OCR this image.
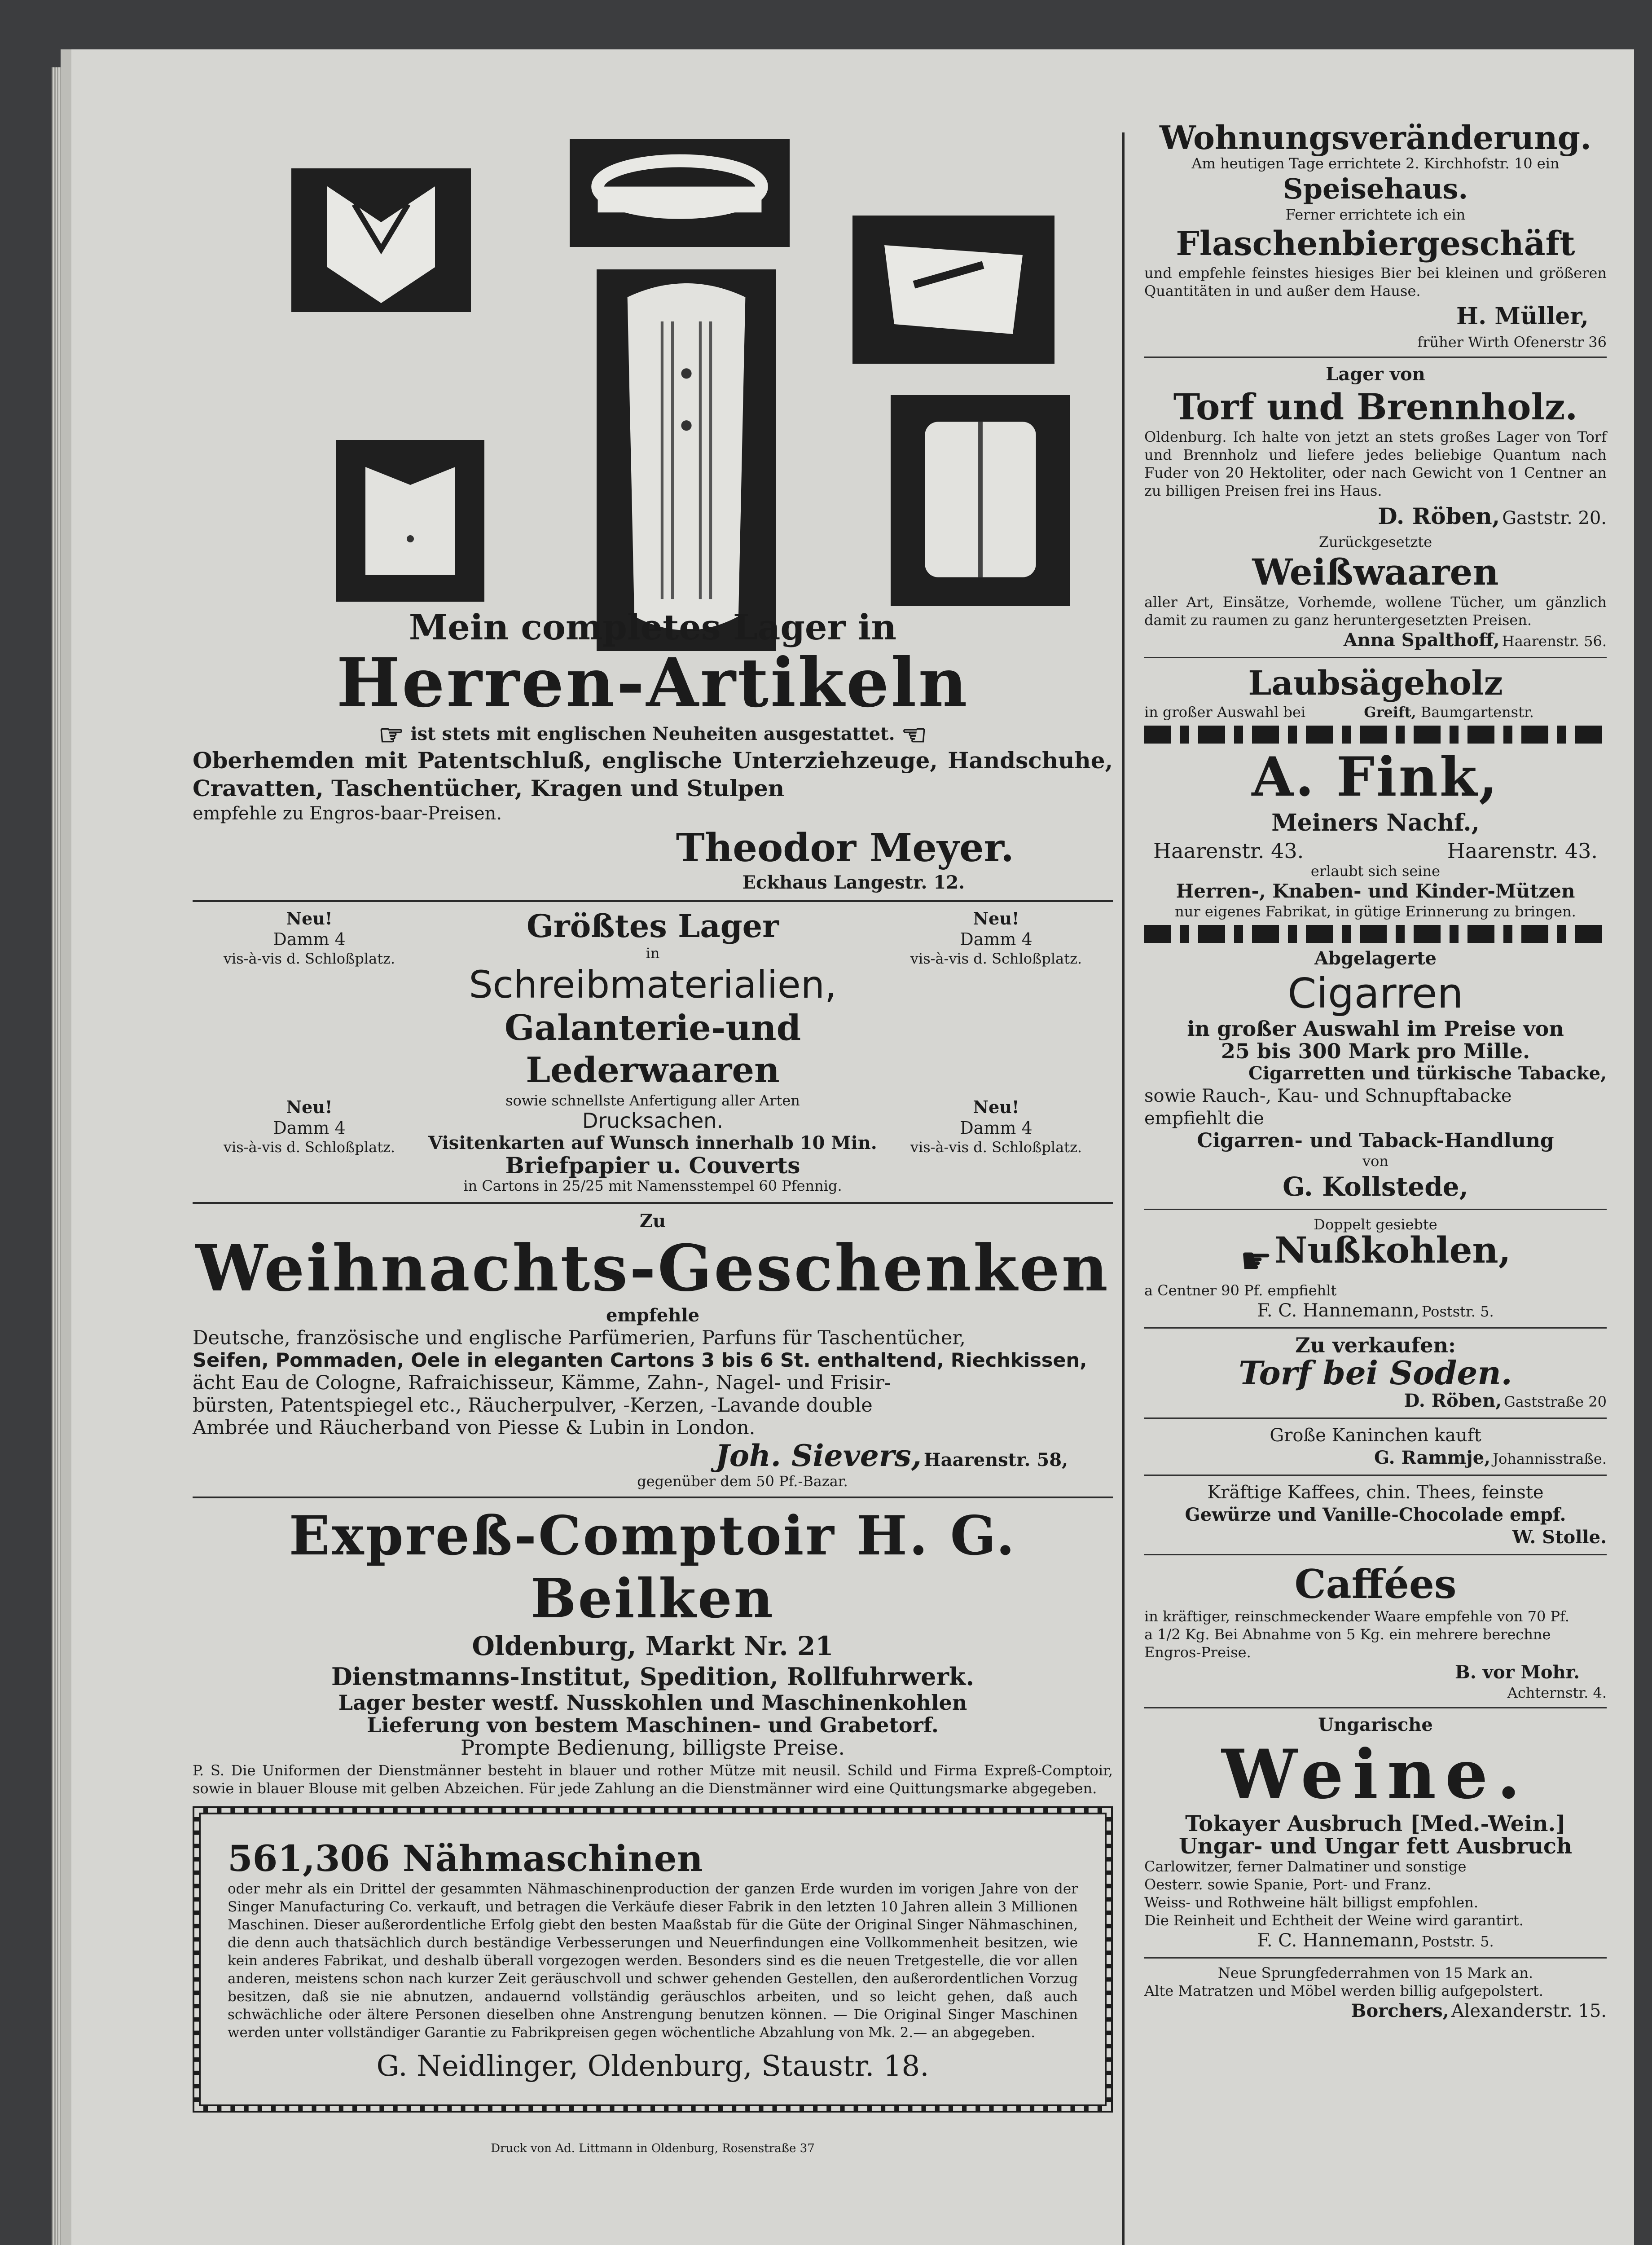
Mein completes Lager in

Herren-Artikeln

☞ ist stets mit englischen Neuheiten ausgestattet. ☜

Oberhemden mit Patentschluß, englische Unterziehzeuge, Handschuhe, Cravatten, Taschentücher, Kragen und Stulpen

empfehle zu Engros-baar-Preisen.

Theodor Meyer.

Eckhaus Langestr. 12.

Neu!

Damm 4

vis-à-vis d. Schloßplatz.

Neu!

Damm 4

vis-à-vis d. Schloßplatz.

Neu!

Damm 4

vis-à-vis d. Schloßplatz.

Neu!

Damm 4

vis-à-vis d. Schloßplatz.

Größtes Lager

in

Schreibmaterialien,

Galanterie-und Lederwaaren

sowie schnellste Anfertigung aller Arten

Drucksachen.

Visitenkarten auf Wunsch innerhalb 10 Min.

Briefpapier u. Couverts

in Cartons in 25/25 mit Namensstempel 60 Pfennig.

Zu

Weihnachts-Geschenken

empfehle

Deutsche, französische und englische Parfümerien, Parfuns für Taschentücher,

Seifen, Pommaden, Oele in eleganten Cartons 3 bis 6 St. enthaltend, Riechkissen,

ächt Eau de Cologne, Rafraichisseur, Kämme, Zahn-, Nagel- und Frisir-

bürsten, Patentspiegel etc., Räucherpulver, -Kerzen, -Lavande double

Ambrée und Räucherband von Piesse & Lubin in London.

Joh. Sievers, Haarenstr. 58,

gegenüber dem 50 Pf.-Bazar.

Expreß-Comptoir H. G. Beilken

Oldenburg, Markt Nr. 21

Dienstmanns-Institut, Spedition, Rollfuhrwerk.

Lager bester westf. Nusskohlen und Maschinenkohlen

Lieferung von bestem Maschinen- und Grabetorf.

Prompte Bedienung, billigste Preise.

P. S. Die Uniformen der Dienstmänner besteht in blauer und rother Mütze mit neusil. Schild und Firma Expreß-Comptoir, sowie in blauer Blouse mit gelben Abzeichen. Für jede Zahlung an die Dienstmänner wird eine Quittungsmarke abgegeben.

561,306 Nähmaschinen

oder mehr als ein Drittel der gesammten Nähmaschinenproduction der ganzen Erde wurden im vorigen Jahre von der Singer Manufacturing Co. verkauft, und betragen die Verkäufe dieser Fabrik in den letzten 10 Jahren allein 3 Millionen Maschinen. Dieser außerordentliche Erfolg giebt den besten Maaßstab für die Güte der Original Singer Nähmaschinen, die denn auch thatsächlich durch beständige Verbesserungen und Neuerfindungen eine Vollkommenheit besitzen, wie kein anderes Fabrikat, und deshalb überall vorgezogen werden. Besonders sind es die neuen Tretgestelle, die vor allen anderen, meistens schon nach kurzer Zeit geräuschvoll und schwer gehenden Gestellen, den außerordentlichen Vorzug besitzen, daß sie nie abnutzen, andauernd vollständig geräuschlos arbeiten, und so leicht gehen, daß auch schwächliche oder ältere Personen dieselben ohne Anstrengung benutzen können. — Die Original Singer Maschinen werden unter vollständiger Garantie zu Fabrikpreisen gegen wöchentliche Abzahlung von Mk. 2.— an abgegeben.

G. Neidlinger, Oldenburg, Staustr. 18.

Druck von Ad. Littmann in Oldenburg, Rosenstraße 37

Wohnungsveränderung.

Am heutigen Tage errichtete 2. Kirchhofstr. 10 ein

Speisehaus.

Ferner errichtete ich ein

Flaschenbiergeschäft

und empfehle feinstes hiesiges Bier bei kleinen und größeren Quantitäten in und außer dem Hause.

H. Müller,

früher Wirth Ofenerstr 36

Lager von

Torf und Brennholz.

Oldenburg. Ich halte von jetzt an stets großes Lager von Torf und Brennholz und liefere jedes beliebige Quantum nach Fuder von 20 Hektoliter, oder nach Gewicht von 1 Centner an zu billigen Preisen frei ins Haus.

D. Röben, Gaststr. 20.

Zurückgesetzte

Weißwaaren

aller Art, Einsätze, Vorhemde, wollene Tücher, um gänzlich damit zu raumen zu ganz heruntergesetzten Preisen.

Anna Spalthoff, Haarenstr. 56.

Laubsägeholz

in großer Auswahl bei	Greift, Baumgartenstr.

A. Fink,

Meiners Nachf.,

Haarenstr. 43.	Haarenstr. 43.

erlaubt sich seine

Herren-, Knaben- und Kinder-Mützen

nur eigenes Fabrikat, in gütige Erinnerung zu bringen.

Abgelagerte

Cigarren

in großer Auswahl im Preise von

25 bis 300 Mark pro Mille.

Cigarretten und türkische Tabacke,

sowie Rauch-, Kau- und Schnupftabacke

empfiehlt die

Cigarren- und Taback-Handlung

von

G. Kollstede,

Doppelt gesiebte

☛ Nußkohlen,

a Centner 90 Pf. empfiehlt

F. C. Hannemann, Poststr. 5.

Zu verkaufen:

Torf bei Soden.

D. Röben, Gaststraße 20

Große Kaninchen kauft

G. Rammje, Johannisstraße.

Kräftige Kaffees, chin. Thees, feinste

Gewürze und Vanille-Chocolade empf.

W. Stolle.

Caffées

in kräftiger, reinschmeckender Waare empfehle von 70 Pf.

a 1/2 Kg. Bei Abnahme von 5 Kg. ein mehrere berechne

Engros-Preise.

B. vor Mohr.

Achternstr. 4.

Ungarische

Weine.

Tokayer Ausbruch [Med.-Wein.]

Ungar- und Ungar fett Ausbruch

Carlowitzer, ferner Dalmatiner und sonstige

Oesterr. sowie Spanie, Port- und Franz.

Weiss- und Rothweine hält billigst empfohlen.

Die Reinheit und Echtheit der Weine wird garantirt.

F. C. Hannemann, Poststr. 5.

Neue Sprungfederrahmen von 15 Mark an.

Alte Matratzen und Möbel werden billig aufgepolstert.

Borchers, Alexanderstr. 15.
